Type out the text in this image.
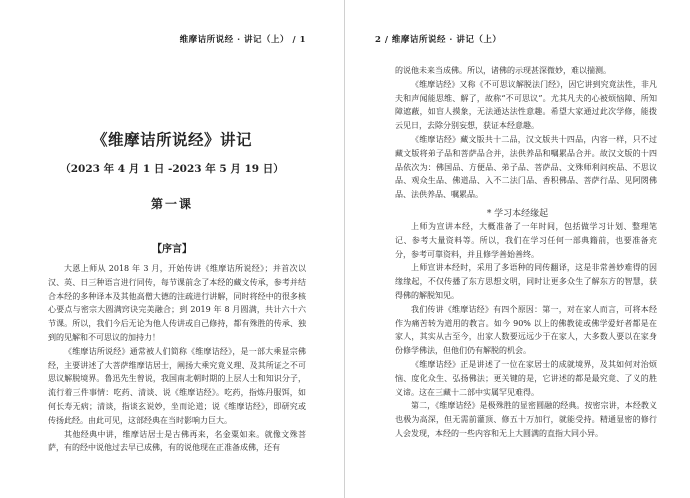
维摩诘所说经 · 讲记（上） / 1
《维摩诘所说经》讲记
（2023 年 4 月 1 日 -2023 年 5 月 19 日）
第一课
【序言】

大恩上师从 2018 年 3 月，开始传讲《维摩诘所说经》；并首次以汉、英、日三种语言进行同传，每节课前念了本经的藏文传承，参考并结合本经的多种译本及其他高僧大德的注疏进行讲解，同时将经中的很多核心要点与密宗大圆满窍诀完美融合；到 2019 年 8 月圆满，共计六十六节课。所以，我们今后无论为他人传讲或自己修持，都有殊胜的传承、独到的见解和不可思议的加持力！

《维摩诘所说经》通常被人们简称《维摩诘经》，是一部大乘显宗佛经，主要讲述了大菩萨维摩诘居士，阐扬大乘究竟义理、及其所证之不可思议解脱境界。鲁迅先生曾说，我国南北朝时期的上层人士和知识分子，流行着三件事情：吃药、清谈、说《维摩诘经》。吃药，指炼丹服饵，如何长寿无病；清谈，指谈玄说妙，坐而论道；说《维摩诘经》，即研究或传扬此经。由此可见，这部经典在当时影响力巨大。

其他经典中讲，维摩诘居士是古佛再来，名金粟如来。就像文殊菩萨，有的经中说他过去早已成佛，有的说他现在正准备成佛，还有

2 / 维摩诘所说经 · 讲记（上）

的说他未来当成佛。所以，诸佛的示现甚深微妙，难以揣测。

《维摩诘经》又称《不可思议解脱法门经》，因它讲到究竟法性，非凡夫和声闻能思维、解了，故称“不可思议”。尤其凡夫的心被烦恼障、所知障遮蔽，如盲人摸象，无法通达法性意趣。希望大家通过此次学修，能拨云见日，去除分别妄想，获证本经意趣。

《维摩诘经》藏文版共十二品，汉文版共十四品，内容一样，只不过藏文版将弟子品和菩萨品合并，法供养品和嘱累品合并。故汉文版的十四品依次为：佛国品、方便品、弟子品、菩萨品、文殊师利问疾品、不思议品、观众生品、佛道品、入不二法门品、香积佛品、菩萨行品、见阿閦佛品、法供养品、嘱累品。

* 学习本经缘起

上师为宣讲本经，大概准备了一年时间，包括做学习计划、整理笔记、参考大量资料等。所以，我们在学习任何一部典籍前，也要准备充分，参考可靠资料，并且修学善始善终。

上师宣讲本经时，采用了多语种的同传翻译，这是非常善妙难得的因缘缘起，不仅传播了东方思想文明，同时让更多众生了解东方的智慧，获得佛的解脱知见。

我们传讲《维摩诘经》有四个原因：第一，对在家人而言，可将本经作为痛苦转为道用的教言。如今 90% 以上的佛教徒或佛学爱好者都是在家人，其实从古至今，出家人数要远远少于在家人，大多数人要以在家身份修学佛法，但他们仍有解脱的机会。

《维摩诘经》正是讲述了一位在家居士的成就境界，及其如何对治烦恼、度化众生、弘扬佛法；更关键的是，它讲述的都是最究竟、了义的胜义谛。这在三藏十二部中实属罕见难得。

第二，《维摩诘经》是极殊胜的显密圆融的经典。按密宗讲，本经教义也极为高深，但无需前灌顶、修五十万加行，就能受持。精通显密的修行人会发现，本经的一些内容和无上大圆满的直指大同小异。
